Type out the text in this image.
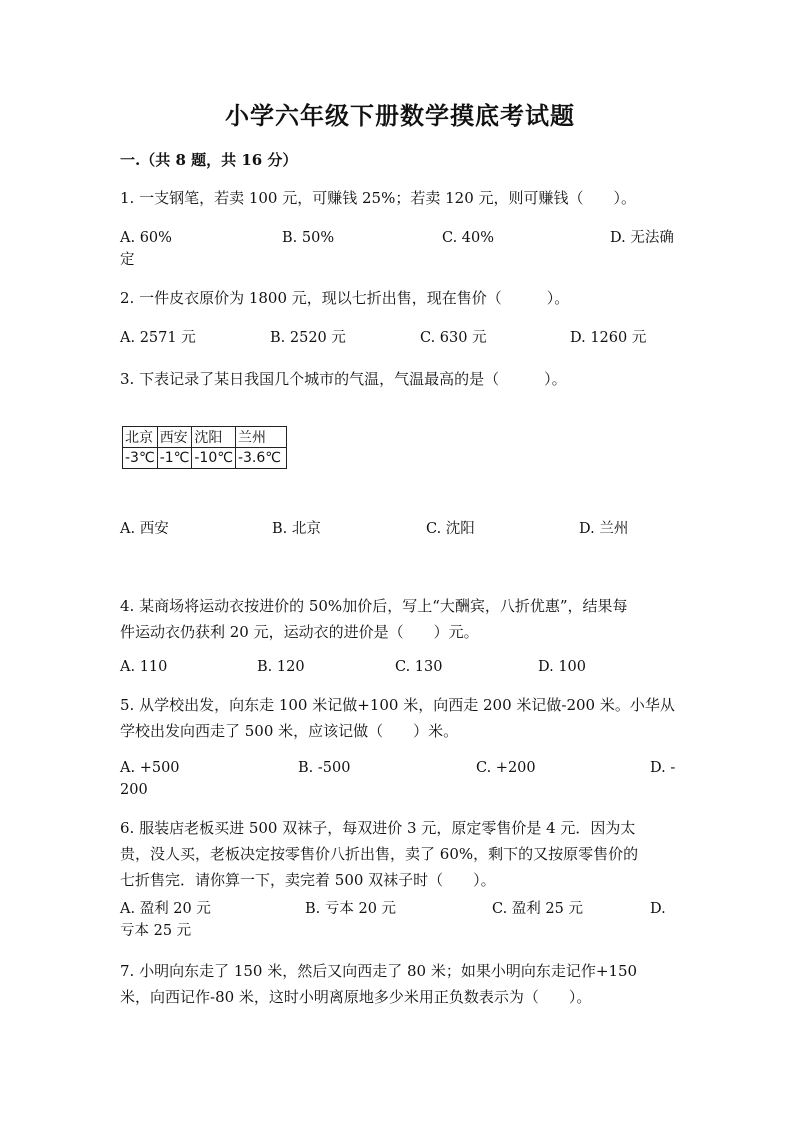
小学六年级下册数学摸底考试题
一.（共 8 题，共 16 分）
1. 一支钢笔，若卖 100 元，可赚钱 25%；若卖 120 元，则可赚钱（　　）。
A. 60%	B. 50%	C. 40%	D. 无法确
定
2. 一件皮衣原价为 1800 元，现以七折出售，现在售价（　　　）。
A. 2571 元	B. 2520 元	C. 630 元	D. 1260 元
3. 下表记录了某日我国几个城市的气温，气温最高的是（　　　）。
北京	西安	沈阳	兰州
-3℃	-1℃	-10℃	-3.6℃
A. 西安	B. 北京	C. 沈阳	D. 兰州
4. 某商场将运动衣按进价的 50%加价后，写上“大酬宾，八折优惠”，结果每
件运动衣仍获利 20 元，运动衣的进价是（　　）元。
A. 110	B. 120	C. 130	D. 100
5. 从学校出发，向东走 100 米记做+100 米，向西走 200 米记做-200 米。小华从
学校出发向西走了 500 米，应该记做（　　）米。
A. +500	B. -500	C. +200	D. -
200
6. 服装店老板买进 500 双袜子，每双进价 3 元，原定零售价是 4 元．因为太
贵，没人买，老板决定按零售价八折出售，卖了 60%，剩下的又按原零售价的
七折售完．请你算一下，卖完着 500 双袜子时（　　）。
A. 盈利 20 元	B. 亏本 20 元	C. 盈利 25 元	D.
亏本 25 元
7. 小明向东走了 150 米，然后又向西走了 80 米；如果小明向东走记作+150
米，向西记作-80 米，这时小明离原地多少米用正负数表示为（　　）。
